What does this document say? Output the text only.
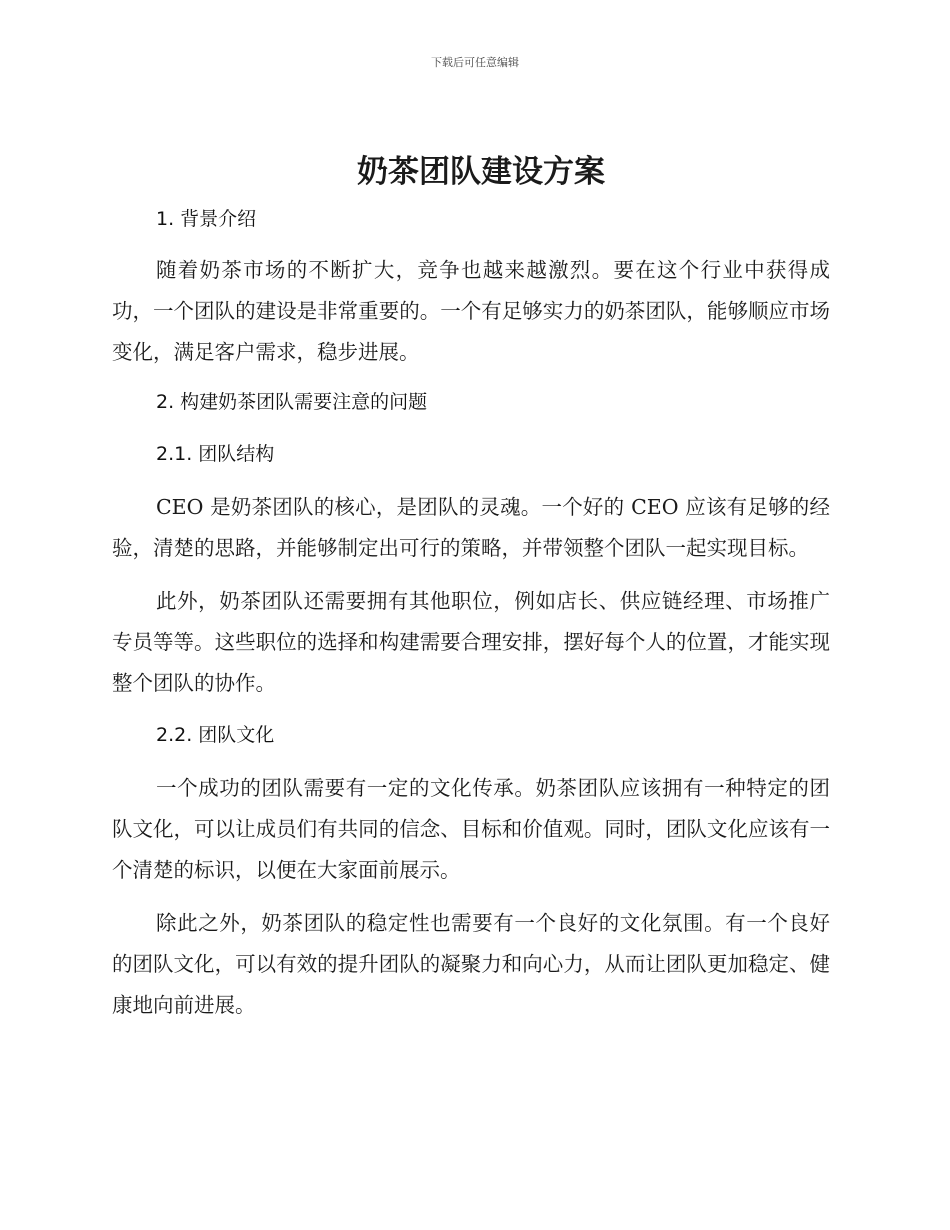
下载后可任意编辑
奶茶团队建设方案
1. 背景介绍

随着奶茶市场的不断扩大，竞争也越来越激烈。要在这个行业中获得成功，一个团队的建设是非常重要的。一个有足够实力的奶茶团队，能够顺应市场变化，满足客户需求，稳步进展。

2. 构建奶茶团队需要注意的问题
2.1. 团队结构

CEO 是奶茶团队的核心，是团队的灵魂。一个好的 CEO 应该有足够的经验，清楚的思路，并能够制定出可行的策略，并带领整个团队一起实现目标。

此外，奶茶团队还需要拥有其他职位，例如店长、供应链经理、市场推广专员等等。这些职位的选择和构建需要合理安排，摆好每个人的位置，才能实现整个团队的协作。

2.2. 团队文化

一个成功的团队需要有一定的文化传承。奶茶团队应该拥有一种特定的团队文化，可以让成员们有共同的信念、目标和价值观。同时，团队文化应该有一个清楚的标识，以便在大家面前展示。

除此之外，奶茶团队的稳定性也需要有一个良好的文化氛围。有一个良好的团队文化，可以有效的提升团队的凝聚力和向心力，从而让团队更加稳定、健康地向前进展。
